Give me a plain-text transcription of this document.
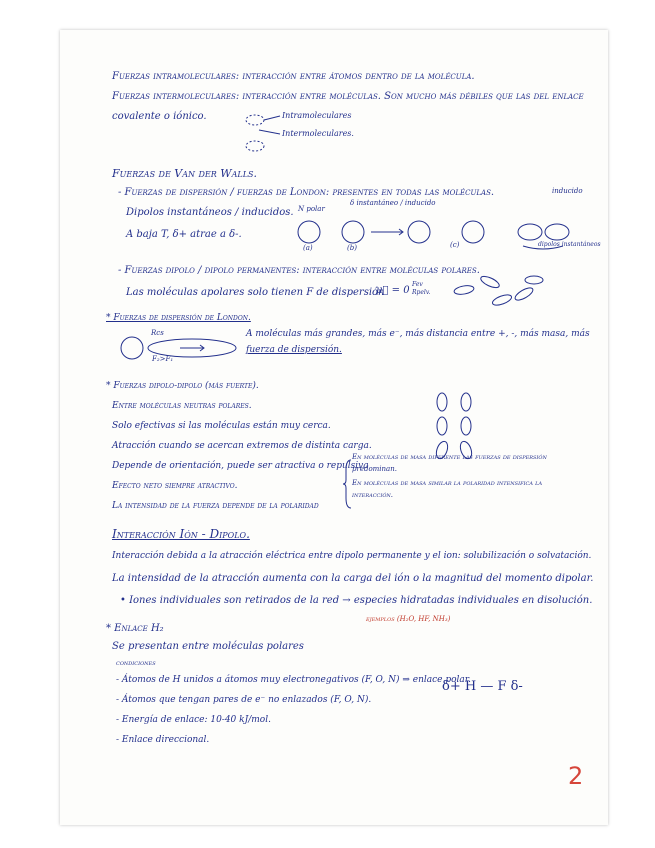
Fuerzas intramoleculares: interacción entre átomos dentro de la molécula.
Fuerzas intermoleculares: interacción entre moléculas. Son mucho más débiles que las del enlace
covalente o iónico.	Intramoleculares
Intermoleculares.
Fuerzas de Van der Walls.
- Fuerzas de dispersión / fuerzas de London: presentes en todas las moléculas.
Dipolos instantáneos / inducidos.
A baja T, δ+ atrae a δ-.
N polar
δ instantáneo / inducido
inducido
(a)	(b)	(c)	dipolos instantáneos
- Fuerzas dipolo / dipolo permanentes: interacción entre moléculas polares.
Las moléculas apolares solo tienen F de dispersión
μ⃗ = 0
Fev
Rpelv.
* Fuerzas de dispersión de London.
Rcs
F₂>F₁
A moléculas más grandes, más e⁻, más distancia entre +, -, más masa, más
fuerza de dispersión.
* Fuerzas dipolo-dipolo (más fuerte).
Entre moléculas neutras polares.
Solo efectivas si las moléculas están muy cerca.
Atracción cuando se acercan extremos de distinta carga.
Depende de orientación, puede ser atractiva o repulsiva
Efecto neto siempre atractivo.
La intensidad de la fuerza depende de la polaridad
En moléculas de masa diferente las fuerzas de dispersión
predominan.
En moléculas de masa similar la polaridad intensifica la
interacción.
Interacción Ión - Dipolo.
Interacción debida a la atracción eléctrica entre dipolo permanente y el ion: solubilización o solvatación.
La intensidad de la atracción aumenta con la carga del ión o la magnitud del momento dipolar.
• Iones individuales son retirados de la red → especies hidratadas individuales en disolución.
* Enlace H₂
ejemplos (H₂O, HF, NH₃)
Se presentan entre moléculas polares
condiciones
- Átomos de H unidos a átomos muy electronegativos (F, O, N) ⇒ enlace polar.
- Átomos que tengan pares de e⁻ no enlazados (F, O, N).
- Energía de enlace: 10-40 kJ/mol.
- Enlace direccional.
δ+ H — F δ-
2
